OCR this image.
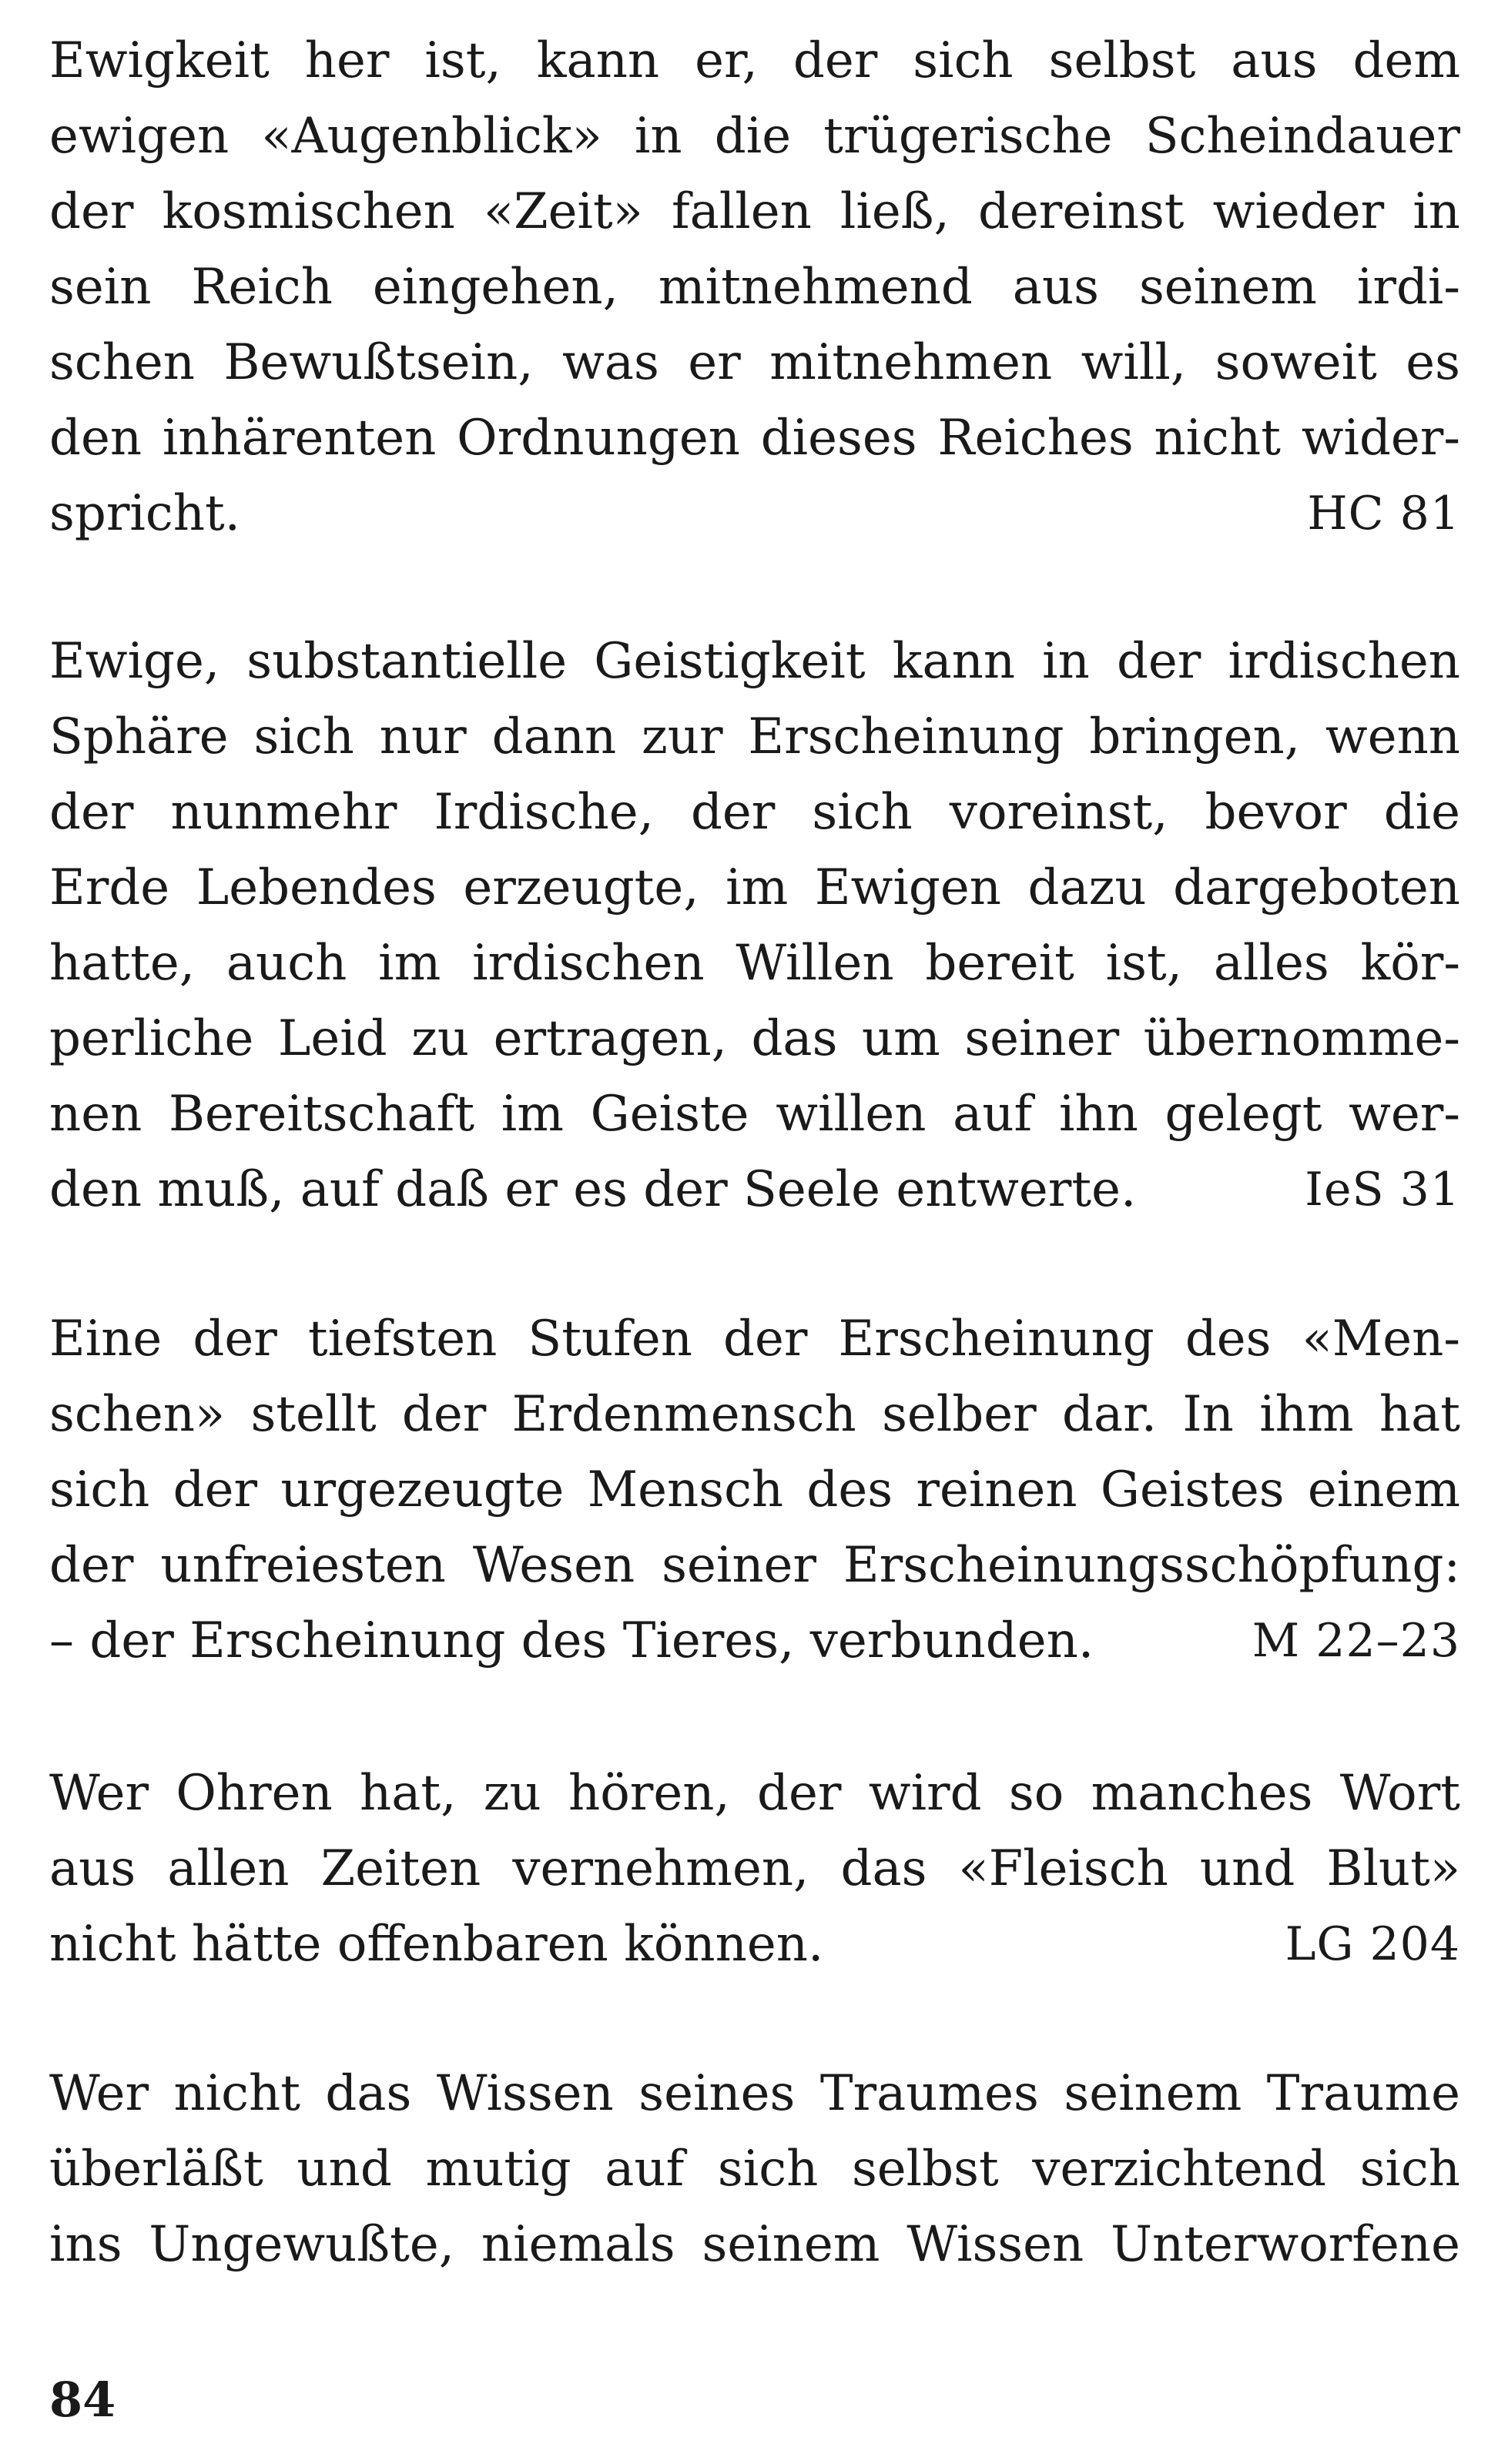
Ewigkeit her ist, kann er, der sich selbst aus dem
ewigen «Augenblick» in die trügerische Scheindauer
der kosmischen «Zeit» fallen ließ, dereinst wieder in
sein Reich eingehen, mitnehmend aus seinem irdi-
schen Bewußtsein, was er mitnehmen will, soweit es
den inhärenten Ordnungen dieses Reiches nicht wider-
spricht.	HC 81
Ewige, substantielle Geistigkeit kann in der irdischen
Sphäre sich nur dann zur Erscheinung bringen, wenn
der nunmehr Irdische, der sich voreinst, bevor die
Erde Lebendes erzeugte, im Ewigen dazu dargeboten
hatte, auch im irdischen Willen bereit ist, alles kör-
perliche Leid zu ertragen, das um seiner übernomme-
nen Bereitschaft im Geiste willen auf ihn gelegt wer-
den muß, auf daß er es der Seele entwerte.	IeS 31
Eine der tiefsten Stufen der Erscheinung des «Men-
schen» stellt der Erdenmensch selber dar. In ihm hat
sich der urgezeugte Mensch des reinen Geistes einem
der unfreiesten Wesen seiner Erscheinungsschöpfung:
– der Erscheinung des Tieres, verbunden.	M 22–23
Wer Ohren hat, zu hören, der wird so manches Wort
aus allen Zeiten vernehmen, das «Fleisch und Blut»
nicht hätte offenbaren können.	LG 204
Wer nicht das Wissen seines Traumes seinem Traume
überläßt und mutig auf sich selbst verzichtend sich
ins Ungewußte, niemals seinem Wissen Unterworfene
84
